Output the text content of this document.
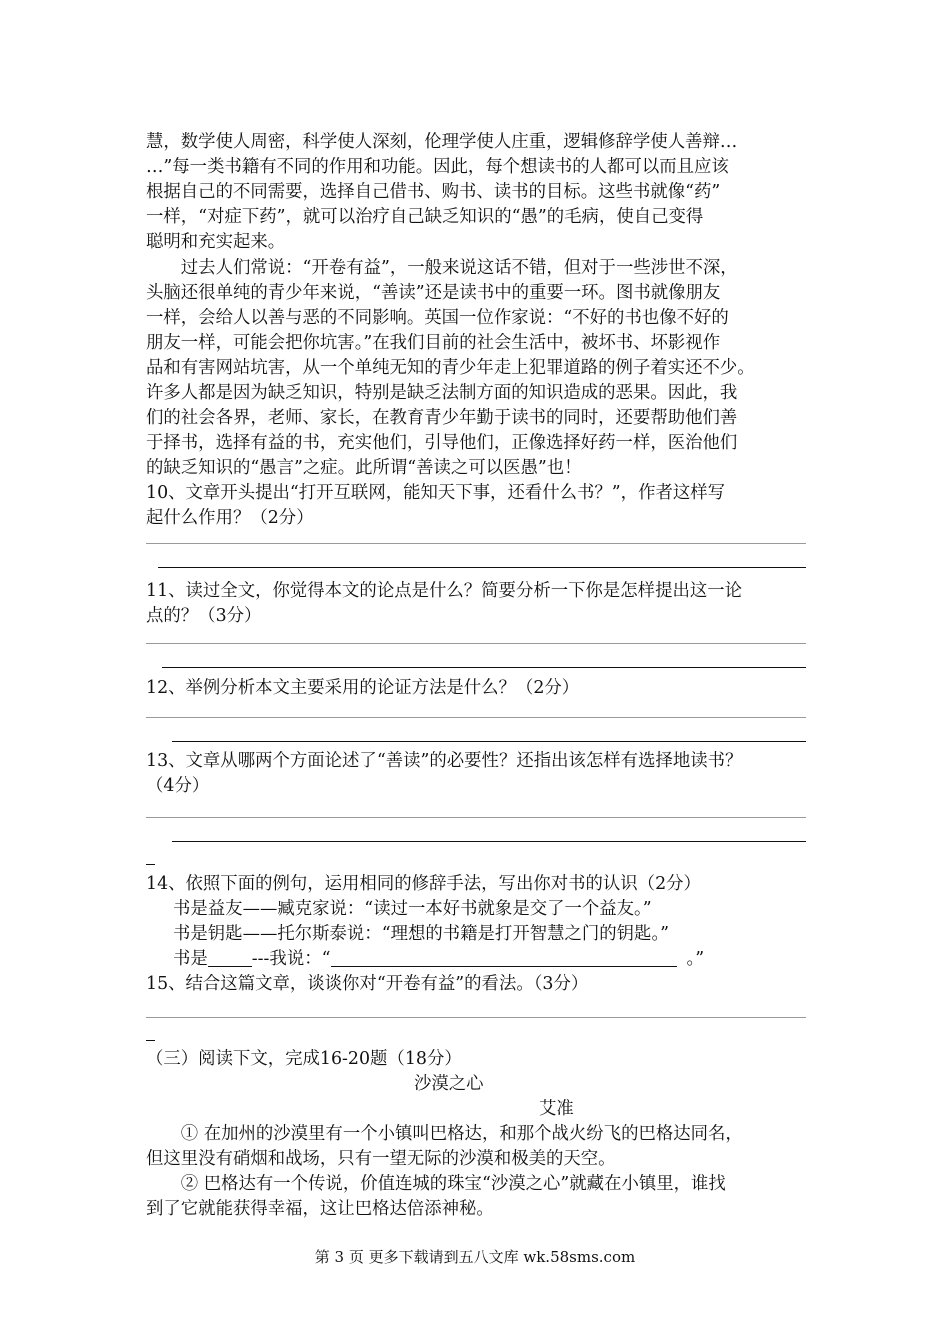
慧，数学使人周密，科学使人深刻，伦理学使人庄重，逻辑修辞学使人善辩…
…”每一类书籍有不同的作用和功能。因此，每个想读书的人都可以而且应该
根据自己的不同需要，选择自己借书、购书、读书的目标。这些书就像“药”
一样，“对症下药”，就可以治疗自己缺乏知识的“愚”的毛病，使自己变得
聪明和充实起来。
　　过去人们常说：“开卷有益”，一般来说这话不错，但对于一些涉世不深，
头脑还很单纯的青少年来说，“善读”还是读书中的重要一环。图书就像朋友
一样，会给人以善与恶的不同影响。英国一位作家说：“不好的书也像不好的
朋友一样，可能会把你坑害。”在我们目前的社会生活中，被坏书、坏影视作
品和有害网站坑害，从一个单纯无知的青少年走上犯罪道路的例子着实还不少。
许多人都是因为缺乏知识，特别是缺乏法制方面的知识造成的恶果。因此，我
们的社会各界，老师、家长，在教育青少年勤于读书的同时，还要帮助他们善
于择书，选择有益的书，充实他们，引导他们，正像选择好药一样，医治他们
的缺乏知识的“愚言”之症。此所谓“善读之可以医愚”也！
10、文章开头提出“打开互联网，能知天下事，还看什么书？”，作者这样写
起什么作用？（2分）
11、读过全文，你觉得本文的论点是什么？简要分析一下你是怎样提出这一论
点的？（3分）
12、举例分析本文主要采用的论证方法是什么？（2分）
13、文章从哪两个方面论述了“善读”的必要性？还指出该怎样有选择地读书？
（4分）
14、依照下面的例句，运用相同的修辞手法，写出你对书的认识（2分）
书是益友——臧克家说：“读过一本好书就象是交了一个益友。”
书是钥匙——托尔斯泰说：“理想的书籍是打开智慧之门的钥匙。”
书是	---我说：“	。”
15、结合这篇文章，谈谈你对“开卷有益”的看法。（3分）
（三）阅读下文，完成16-20题（18分）
沙漠之心
艾准
　　① 在加州的沙漠里有一个小镇叫巴格达，和那个战火纷飞的巴格达同名，
但这里没有硝烟和战场，只有一望无际的沙漠和极美的天空。
　　② 巴格达有一个传说，价值连城的珠宝“沙漠之心”就藏在小镇里，谁找
到了它就能获得幸福，这让巴格达倍添神秘。
第 3 页 更多下载请到五八文库 wk.58sms.com
